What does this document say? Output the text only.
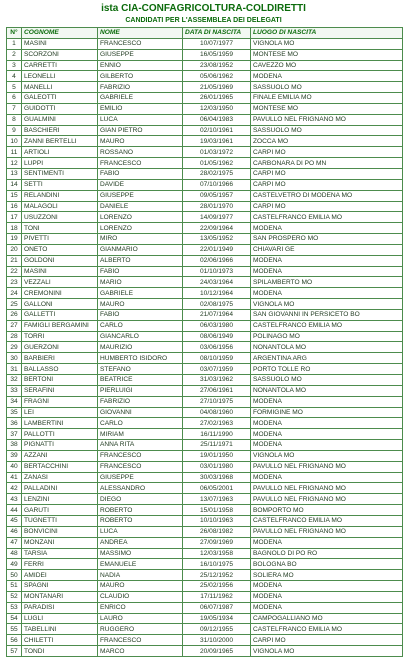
ista CIA-CONFAGRICOLTURA-COLDIRETTI
CANDIDATI PER L'ASSEMBLEA DEI DELEGATI
N°	COGNOME	NOME	DATA DI NASCITA	LUOGO DI NASCITA
1	MASINI	FRANCESCO	10/07/1977	VIGNOLA MO
2	SCORZONI	GIUSEPPE	16/05/1959	MONTESE MO
3	CARRETTI	ENNIO	23/08/1952	CAVEZZO MO
4	LEONELLI	GILBERTO	05/06/1962	MODENA
5	MANELLI	FABRIZIO	21/05/1969	SASSUOLO MO
6	GALEOTTI	GABRIELE	26/01/1965	FINALE EMILIA MO
7	GUIDOTTI	EMILIO	12/03/1950	MONTESE MO
8	GUALMINI	LUCA	06/04/1983	PAVULLO NEL FRIGNANO MO
9	BASCHIERI	GIAN PIETRO	02/10/1961	SASSUOLO MO
10	ZANNI BERTELLI	MAURO	19/03/1961	ZOCCA MO
11	ARTIOLI	ROSSANO	01/03/1972	CARPI MO
12	LUPPI	FRANCESCO	01/05/1962	CARBONARA DI PO MN
13	SENTIMENTI	FABIO	28/02/1975	CARPI MO
14	SETTI	DAVIDE	07/10/1966	CARPI MO
15	RELANDINI	GIUSEPPE	09/05/1957	CASTELVETRO DI MODENA MO
16	MALAGOLI	DANIELE	28/01/1970	CARPI MO
17	USUZZONI	LORENZO	14/09/1977	CASTELFRANCO EMILIA MO
18	TONI	LORENZO	22/09/1964	MODENA
19	PIVETTI	MIRO	13/05/1952	SAN PROSPERO MO
20	ONETO	GIANMARIO	22/01/1949	CHIAVARI GE
21	GOLDONI	ALBERTO	02/06/1966	MODENA
22	MASINI	FABIO	01/10/1973	MODENA
23	VEZZALI	MARIO	24/03/1964	SPILAMBERTO MO
24	CREMONINI	GABRIELE	10/12/1964	MODENA
25	GALLONI	MAURO	02/08/1975	VIGNOLA MO
26	GALLETTI	FABIO	21/07/1964	SAN GIOVANNI IN PERSICETO BO
27	FAMIGLI BERGAMINI	CARLO	06/03/1980	CASTELFRANCO EMILIA MO
28	TORRI	GIANCARLO	08/06/1949	POLINAGO MO
29	GUERZONI	MAURIZIO	03/06/1956	NONANTOLA MO
30	BARBIERI	HUMBERTO ISIDORO	08/10/1959	ARGENTINA ARG
31	BALLASSO	STEFANO	03/07/1959	PORTO TOLLE RO
32	BERTONI	BEATRICE	31/03/1962	SASSUOLO MO
33	SERAFINI	PIERLUIGI	27/06/1961	NONANTOLA MO
34	FRAGNI	FABRIZIO	27/10/1975	MODENA
35	LEI	GIOVANNI	04/08/1960	FORMIGINE MO
36	LAMBERTINI	CARLO	27/02/1963	MODENA
37	PALLOTTI	MIRIAM	16/11/1990	MODENA
38	PIGNATTI	ANNA RITA	25/11/1971	MODENA
39	AZZANI	FRANCESCO	19/01/1950	VIGNOLA MO
40	BERTACCHINI	FRANCESCO	03/01/1980	PAVULLO NEL FRIGNANO MO
41	ZANASI	GIUSEPPE	30/03/1968	MODENA
42	PALLADINI	ALESSANDRO	06/05/2001	PAVULLO NEL FRIGNANO MO
43	LENZINI	DIEGO	13/07/1963	PAVULLO NEL FRIGNANO MO
44	GARUTI	ROBERTO	15/01/1958	BOMPORTO MO
45	TUGNETTI	ROBERTO	10/10/1963	CASTELFRANCO EMILIA MO
46	BONVICINI	LUCA	26/08/1982	PAVULLO NEL FRIGNANO MO
47	MONZANI	ANDREA	27/09/1969	MODENA
48	TARSIA	MASSIMO	12/03/1958	BAGNOLO DI PO RO
49	FERRI	EMANUELE	16/10/1975	BOLOGNA BO
50	AMIDEI	NADIA	25/12/1952	SOLIERA MO
51	SPAGNI	MAURO	25/02/1956	MODENA
52	MONTANARI	CLAUDIO	17/11/1962	MODENA
53	PARADISI	ENRICO	06/07/1987	MODENA
54	LUGLI	LAURO	19/05/1934	CAMPOGALLIANO MO
55	TABELLINI	RUGGERO	09/12/1955	CASTELFRANCO EMILIA MO
56	CHILETTI	FRANCESCO	31/10/2000	CARPI MO
57	TONDI	MARCO	20/09/1965	VIGNOLA MO
